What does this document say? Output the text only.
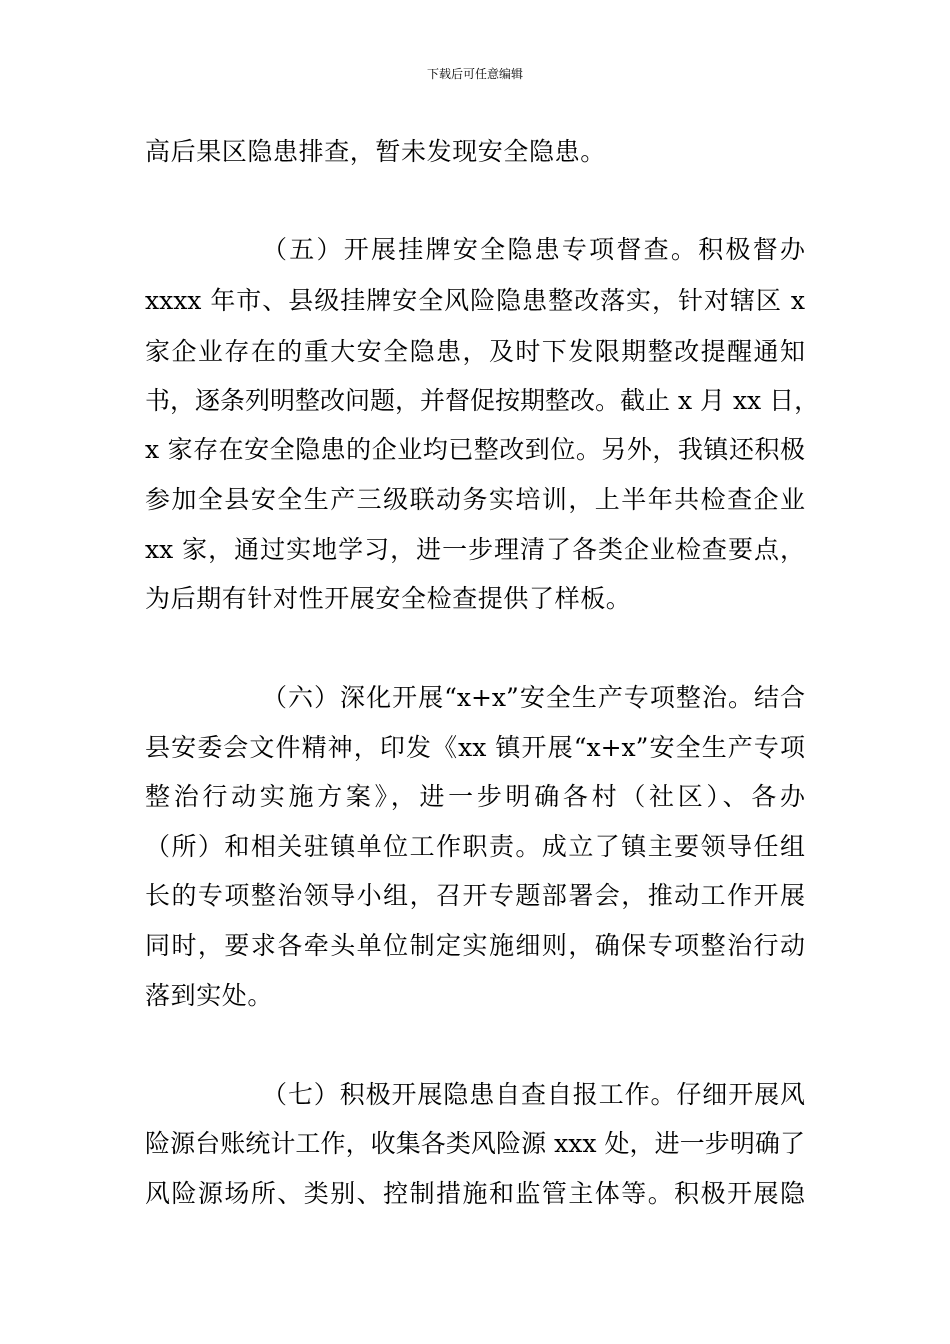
下载后可任意编辑
高后果区隐患排查，暂未发现安全隐患。
（五）开展挂牌安全隐患专项督查。积极督办
xxxx 年市、县级挂牌安全风险隐患整改落实，针对辖区 x
家企业存在的重大安全隐患，及时下发限期整改提醒通知
书，逐条列明整改问题，并督促按期整改。截止 x 月 xx 日，
x 家存在安全隐患的企业均已整改到位。另外，我镇还积极
参加全县安全生产三级联动务实培训，上半年共检查企业
xx 家，通过实地学习，进一步理清了各类企业检查要点，
为后期有针对性开展安全检查提供了样板。
（六）深化开展“x+x”安全生产专项整治。结合
县安委会文件精神，印发《xx 镇开展“x+x”安全生产专项
整治行动实施方案》，进一步明确各村（社区）、各办
（所）和相关驻镇单位工作职责。成立了镇主要领导任组
长的专项整治领导小组，召开专题部署会，推动工作开展
同时，要求各牵头单位制定实施细则，确保专项整治行动
落到实处。
（七）积极开展隐患自查自报工作。仔细开展风
险源台账统计工作，收集各类风险源 xxx 处，进一步明确了
风险源场所、类别、控制措施和监管主体等。积极开展隐
